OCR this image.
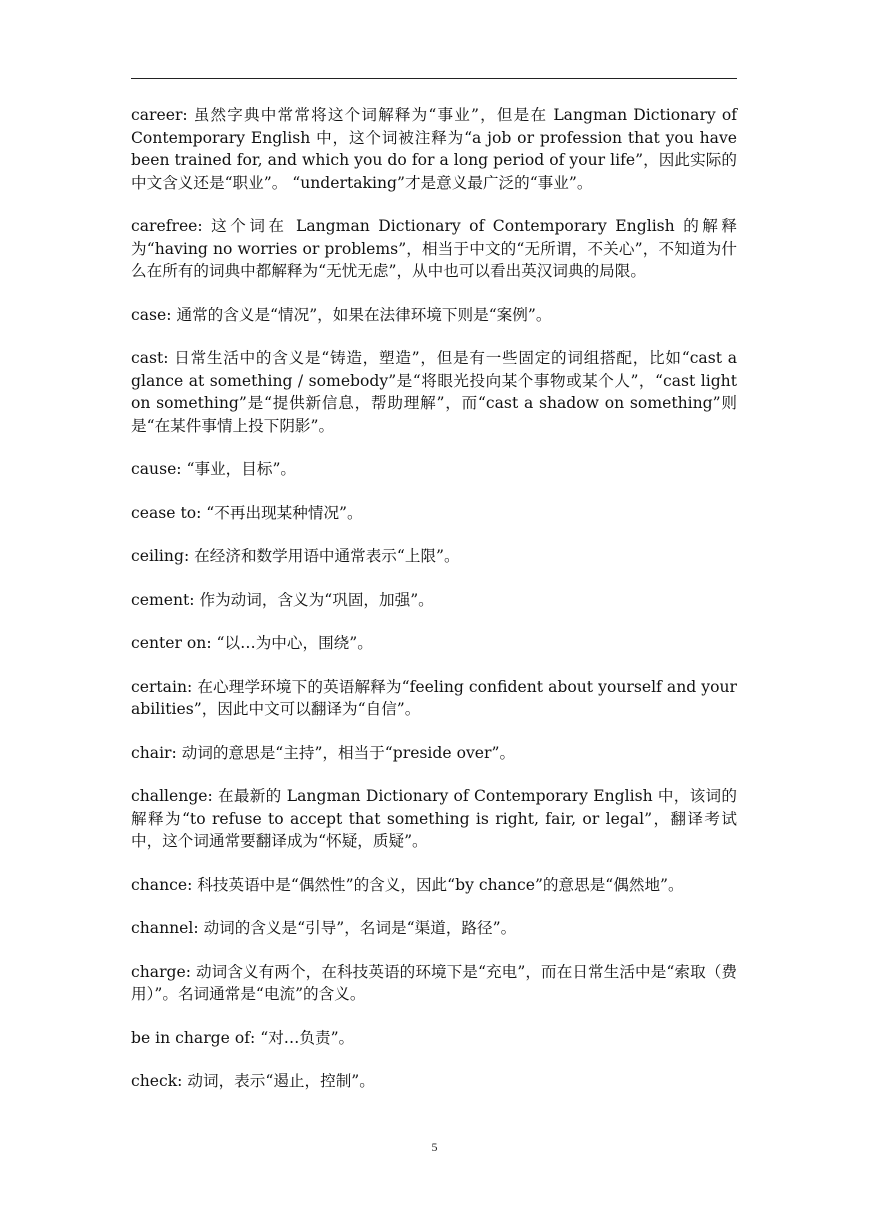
career: 虽然字典中常常将这个词解释为“事业”，但是在 Langman Dictionary of Contemporary English 中，这个词被注释为“a job or profession that you have been trained for, and which you do for a long period of your life”，因此实际的中文含义还是“职业”。 “undertaking”才是意义最广泛的“事业”。

carefree: 这个词在 Langman Dictionary of Contemporary English 的解释为“having no worries or problems”，相当于中文的“无所谓，不关心”，不知道为什么在所有的词典中都解释为“无忧无虑”，从中也可以看出英汉词典的局限。

case: 通常的含义是“情况”，如果在法律环境下则是“案例”。

cast: 日常生活中的含义是“铸造，塑造”，但是有一些固定的词组搭配，比如“cast a glance at something / somebody”是“将眼光投向某个事物或某个人”，“cast light on something”是“提供新信息，帮助理解”，而“cast a shadow on something”则是“在某件事情上投下阴影”。

cause: “事业，目标”。

cease to: “不再出现某种情况”。

ceiling: 在经济和数学用语中通常表示“上限”。

cement: 作为动词，含义为“巩固，加强”。

center on: “以…为中心，围绕”。

certain: 在心理学环境下的英语解释为“feeling confident about yourself and your abilities”，因此中文可以翻译为“自信”。

chair: 动词的意思是“主持”，相当于“preside over”。

challenge: 在最新的 Langman Dictionary of Contemporary English 中，该词的解释为“to refuse to accept that something is right, fair, or legal”，翻译考试中，这个词通常要翻译成为“怀疑，质疑”。

chance: 科技英语中是“偶然性”的含义，因此“by chance”的意思是“偶然地”。

channel: 动词的含义是“引导”，名词是“渠道，路径”。

charge: 动词含义有两个，在科技英语的环境下是“充电”，而在日常生活中是“索取（费用）”。名词通常是“电流”的含义。

be in charge of: “对…负责”。

check: 动词，表示“遏止，控制”。

5
